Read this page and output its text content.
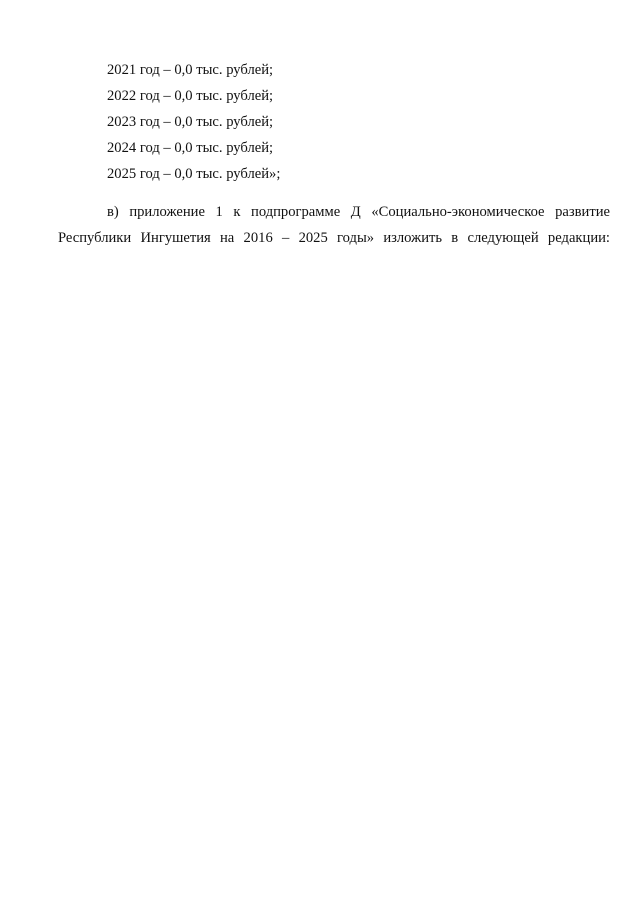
2021 год – 0,0 тыс. рублей;
2022 год – 0,0 тыс. рублей;
2023 год – 0,0 тыс. рублей;
2024 год – 0,0 тыс. рублей;
2025 год – 0,0 тыс. рублей»;
в) приложение 1 к подпрограмме Д «Социально-экономическое развитие
Республики Ингушетия на 2016 – 2025 годы» изложить в следующей редакции:
